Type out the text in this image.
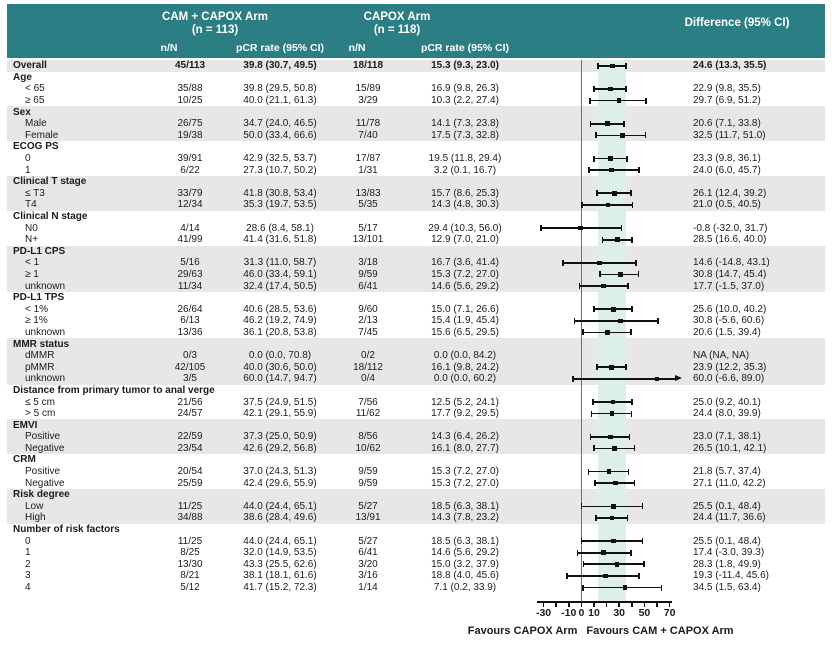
CAM + CAPOX Arm
(n = 113)
CAPOX Arm
(n = 118)
Difference (95% CI)
n/N	pCR rate (95% CI)	n/N	pCR rate (95% CI)
Overall	45/113	39.8 (30.7, 49.5)	18/118	15.3 (9.3, 23.0)	24.6 (13.3, 35.5)
Age
< 65	35/88	39.8 (29.5, 50.8)	15/89	16.9 (9.8, 26.3)	22.9 (9.8, 35.5)
≥ 65	10/25	40.0 (21.1, 61.3)	3/29	10.3 (2.2, 27.4)	29.7 (6.9, 51.2)
Sex
Male	26/75	34.7 (24.0, 46.5)	11/78	14.1 (7.3, 23.8)	20.6 (7.1, 33.8)
Female	19/38	50.0 (33.4, 66.6)	7/40	17.5 (7.3, 32.8)	32.5 (11.7, 51.0)
ECOG PS
0	39/91	42.9 (32.5, 53.7)	17/87	19.5 (11.8, 29.4)	23.3 (9.8, 36.1)
1	6/22	27.3 (10.7, 50.2)	1/31	3.2 (0.1, 16.7)	24.0 (6.0, 45.7)
Clinical T stage
≤ T3	33/79	41.8 (30.8, 53.4)	13/83	15.7 (8.6, 25.3)	26.1 (12.4, 39.2)
T4	12/34	35.3 (19.7, 53.5)	5/35	14.3 (4.8, 30.3)	21.0 (0.5, 40.5)
Clinical N stage
N0	4/14	28.6 (8.4, 58.1)	5/17	29.4 (10.3, 56.0)	-0.8 (-32.0, 31.7)
N+	41/99	41.4 (31.6, 51.8)	13/101	12.9 (7.0, 21.0)	28.5 (16.6, 40.0)
PD-L1 CPS
< 1	5/16	31.3 (11.0, 58.7)	3/18	16.7 (3.6, 41.4)	14.6 (-14.8, 43.1)
≥ 1	29/63	46.0 (33.4, 59.1)	9/59	15.3 (7.2, 27.0)	30.8 (14.7, 45.4)
unknown	11/34	32.4 (17.4, 50.5)	6/41	14.6 (5.6, 29.2)	17.7 (-1.5, 37.0)
PD-L1 TPS
< 1%	26/64	40.6 (28.5, 53.6)	9/60	15.0 (7.1, 26.6)	25.6 (10.0, 40.2)
≥ 1%	6/13	46.2 (19.2, 74.9)	2/13	15.4 (1.9, 45.4)	30.8 (-5.6, 60.6)
unknown	13/36	36.1 (20.8, 53.8)	7/45	15.6 (6.5, 29.5)	20.6 (1.5, 39.4)
MMR status
dMMR	0/3	0.0 (0.0, 70.8)	0/2	0.0 (0.0, 84.2)	NA (NA, NA)
pMMR	42/105	40.0 (30.6, 50.0)	18/112	16.1 (9.8, 24.2)	23.9 (12.2, 35.3)
unknown	3/5	60.0 (14.7, 94.7)	0/4	0.0 (0.0, 60.2)	60.0 (-6.6, 89.0)
Distance from primary tumor to anal verge
≤ 5 cm	21/56	37.5 (24.9, 51.5)	7/56	12.5 (5.2, 24.1)	25.0 (9.2, 40.1)
> 5 cm	24/57	42.1 (29.1, 55.9)	11/62	17.7 (9.2, 29.5)	24.4 (8.0, 39.9)
EMVI
Positive	22/59	37.3 (25.0, 50.9)	8/56	14.3 (6.4, 26.2)	23.0 (7.1, 38.1)
Negative	23/54	42.6 (29.2, 56.8)	10/62	16.1 (8.0, 27.7)	26.5 (10.1, 42.1)
CRM
Positive	20/54	37.0 (24.3, 51.3)	9/59	15.3 (7.2, 27.0)	21.8 (5.7, 37.4)
Negative	25/59	42.4 (29.6, 55.9)	9/59	15.3 (7.2, 27.0)	27.1 (11.0, 42.2)
Risk degree
Low	11/25	44.0 (24.4, 65.1)	5/27	18.5 (6.3, 38.1)	25.5 (0.1, 48.4)
High	34/88	38.6 (28.4, 49.6)	13/91	14.3 (7.8, 23.2)	24.4 (11.7, 36.6)
Number of risk factors
0	11/25	44.0 (24.4, 65.1)	5/27	18.5 (6.3, 38.1)	25.5 (0.1, 48.4)
1	8/25	32.0 (14.9, 53.5)	6/41	14.6 (5.6, 29.2)	17.4 (-3.0, 39.3)
2	13/30	43.3 (25.5, 62.6)	3/20	15.0 (3.2, 37.9)	28.3 (1.8, 49.9)
3	8/21	38.1 (18.1, 61.6)	3/16	18.8 (4.0, 45.6)	19.3 (-11.4, 45.6)
4	5/12	41.7 (15.2, 72.3)	1/14	7.1 (0.2, 33.9)	34.5 (1.5, 63.4)
-30 -10 0 10	30	50	70
Favours CAPOX Arm Favours CAM + CAPOX Arm
